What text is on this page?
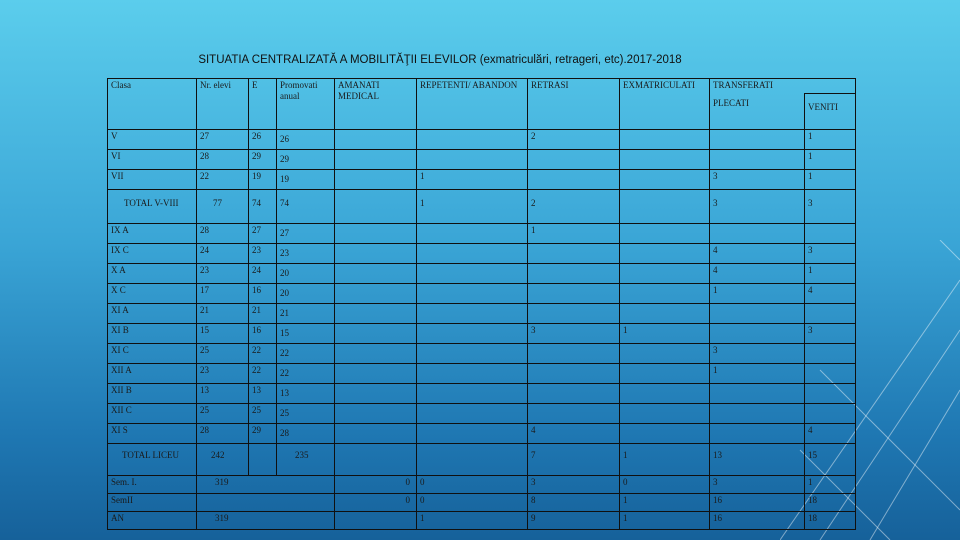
SITUATIA CENTRALIZATĂ A MOBILITĂŢII ELEVILOR (exmatriculări, retrageri, etc).2017-2018
Clasa	Nr. elevi	E	Promovati anual	AMANATI MEDICAL	REPETENTI/ ABANDON	RETRASI	EXMATRICULATI	TRANSFERATI	
								PLECATI	VENITI
V	27	26	26			2			1
VI	28	29	29						1
VII	22	19	19		1			3	1
TOTAL V-VIII	77	74	74		1	2		3	3
IX A	28	27	27			1			
IX C	24	23	23					4	3
X A	23	24	20					4	1
X C	17	16	20					1	4
XI A	21	21	21						
XI B	15	16	15			3	1		3
XI C	25	22	22					3	
XII A	23	22	22					1	
XII B	13	13	13						
XII C	25	25	25						
XI S	28	29	28			4			4
TOTAL LICEU	242		235			7	1	13	15
Sem. I.	319			0	0	3	0	3	1
SemII				0	0	8	1	16	18
AN	319				1	9	1	16	18
